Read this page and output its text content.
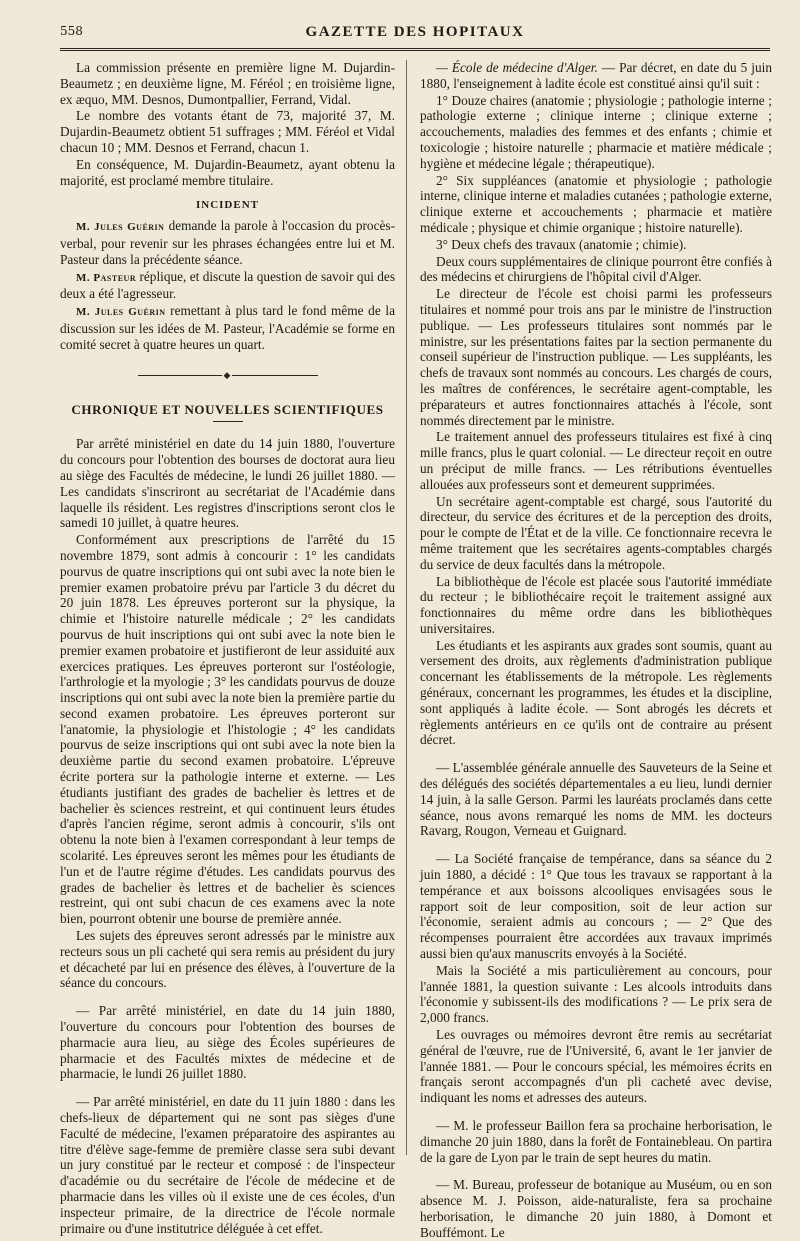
558	GAZETTE DES HOPITAUX

La commission présente en première ligne M. Dujardin-Beaumetz ; en deuxième ligne, M. Féréol ; en troisième ligne, ex æquo, MM. Desnos, Dumontpallier, Ferrand, Vidal.

Le nombre des votants étant de 73, majorité 37, M. Dujardin-Beaumetz obtient 51 suffrages ; MM. Féréol et Vidal chacun 10 ; MM. Desnos et Ferrand, chacun 1.

En conséquence, M. Dujardin-Beaumetz, ayant obtenu la majorité, est proclamé membre titulaire.

INCIDENT

M. Jules Guérin demande la parole à l'occasion du procès-verbal, pour revenir sur les phrases échangées entre lui et M. Pasteur dans la précédente séance.

M. Pasteur réplique, et discute la question de savoir qui des deux a été l'agresseur.

M. Jules Guérin remettant à plus tard le fond même de la discussion sur les idées de M. Pasteur, l'Académie se forme en comité secret à quatre heures un quart.

◆
CHRONIQUE ET NOUVELLES SCIENTIFIQUES

Par arrêté ministériel en date du 14 juin 1880, l'ouverture du concours pour l'obtention des bourses de doctorat aura lieu au siège des Facultés de médecine, le lundi 26 juillet 1880. — Les candidats s'inscriront au secrétariat de l'Académie dans laquelle ils résident. Les registres d'inscriptions seront clos le samedi 10 juillet, à quatre heures.

Conformément aux prescriptions de l'arrêté du 15 novembre 1879, sont admis à concourir : 1° les candidats pourvus de quatre inscriptions qui ont subi avec la note bien le premier examen probatoire prévu par l'article 3 du décret du 20 juin 1878. Les épreuves porteront sur la physique, la chimie et l'histoire naturelle médicale ; 2° les candidats pourvus de huit inscriptions qui ont subi avec la note bien le premier examen probatoire et justifieront de leur assiduité aux exercices pratiques. Les épreuves porteront sur l'ostéologie, l'arthrologie et la myologie ; 3° les candidats pourvus de douze inscriptions qui ont subi avec la note bien la première partie du second examen probatoire. Les épreuves porteront sur l'anatomie, la physiologie et l'histologie ; 4° les candidats pourvus de seize inscriptions qui ont subi avec la note bien la deuxième partie du second examen probatoire. L'épreuve écrite portera sur la pathologie interne et externe. — Les étudiants justifiant des grades de bachelier ès lettres et de bachelier ès sciences restreint, et qui continuent leurs études d'après l'ancien régime, seront admis à concourir, s'ils ont obtenu la note bien à l'examen correspondant à leur temps de scolarité. Les épreuves seront les mêmes pour les étudiants de l'un et de l'autre régime d'études. Les candidats pourvus des grades de bachelier ès lettres et de bachelier ès sciences restreint, qui ont subi chacun de ces examens avec la note bien, pourront obtenir une bourse de première année.

Les sujets des épreuves seront adressés par le ministre aux recteurs sous un pli cacheté qui sera remis au président du jury et décacheté par lui en présence des élèves, à l'ouverture de la séance du concours.

— Par arrêté ministériel, en date du 14 juin 1880, l'ouverture du concours pour l'obtention des bourses de pharmacie aura lieu, au siège des Écoles supérieures de pharmacie et des Facultés mixtes de médecine et de pharmacie, le lundi 26 juillet 1880.

— Par arrêté ministériel, en date du 11 juin 1880 : dans les chefs-lieux de département qui ne sont pas sièges d'une Faculté de médecine, l'examen préparatoire des aspirantes au titre d'élève sage-femme de première classe sera subi devant un jury constitué par le recteur et composé : de l'inspecteur d'académie ou du secrétaire de l'école de médecine et de pharmacie dans les villes où il existe une de ces écoles, d'un inspecteur primaire, de la directrice de l'école normale primaire ou d'une institutrice déléguée à cet effet.

— École de médecine d'Alger. — Par décret, en date du 5 juin 1880, l'enseignement à ladite école est constitué ainsi qu'il suit :

1° Douze chaires (anatomie ; physiologie ; pathologie interne ; pathologie externe ; clinique interne ; clinique externe ; accouchements, maladies des femmes et des enfants ; chimie et toxicologie ; histoire naturelle ; pharmacie et matière médicale ; hygiène et médecine légale ; thérapeutique).

2° Six suppléances (anatomie et physiologie ; pathologie interne, clinique interne et maladies cutanées ; pathologie externe, clinique externe et accouchements ; pharmacie et matière médicale ; physique et chimie organique ; histoire naturelle).

3° Deux chefs des travaux (anatomie ; chimie).

Deux cours supplémentaires de clinique pourront être confiés à des médecins et chirurgiens de l'hôpital civil d'Alger.

Le directeur de l'école est choisi parmi les professeurs titulaires et nommé pour trois ans par le ministre de l'instruction publique. — Les professeurs titulaires sont nommés par le ministre, sur les présentations faites par la section permanente du conseil supérieur de l'instruction publique. — Les suppléants, les chefs de travaux sont nommés au concours. Les chargés de cours, les maîtres de conférences, le secrétaire agent-comptable, les préparateurs et autres fonctionnaires attachés à l'école, sont nommés directement par le ministre.

Le traitement annuel des professeurs titulaires est fixé à cinq mille francs, plus le quart colonial. — Le directeur reçoit en outre un préciput de mille francs. — Les rétributions éventuelles allouées aux professeurs sont et demeurent supprimées.

Un secrétaire agent-comptable est chargé, sous l'autorité du directeur, du service des écritures et de la perception des droits, pour le compte de l'État et de la ville. Ce fonctionnaire recevra le même traitement que les secrétaires agents-comptables chargés du service de deux facultés dans la métropole.

La bibliothèque de l'école est placée sous l'autorité immédiate du recteur ; le bibliothécaire reçoit le traitement assigné aux fonctionnaires du même ordre dans les bibliothèques universitaires.

Les étudiants et les aspirants aux grades sont soumis, quant au versement des droits, aux règlements d'administration publique concernant les établissements de la métropole. Les règlements généraux, concernant les programmes, les études et la discipline, sont appliqués à ladite école. — Sont abrogés les décrets et règlements antérieurs en ce qu'ils ont de contraire au présent décret.

— L'assemblée générale annuelle des Sauveteurs de la Seine et des délégués des sociétés départementales a eu lieu, lundi dernier 14 juin, à la salle Gerson. Parmi les lauréats proclamés dans cette séance, nous avons remarqué les noms de MM. les docteurs Ravarg, Rougon, Verneau et Guignard.

— La Société française de tempérance, dans sa séance du 2 juin 1880, a décidé : 1° Que tous les travaux se rapportant à la tempérance et aux boissons alcooliques envisagées sous le rapport soit de leur composition, soit de leur action sur l'économie, seraient admis au concours ; — 2° Que des récompenses pourraient être accordées aux travaux imprimés aussi bien qu'aux manuscrits envoyés à la Société.

Mais la Société a mis particulièrement au concours, pour l'année 1881, la question suivante : Les alcools introduits dans l'économie y subissent-ils des modifications ? — Le prix sera de 2,000 francs.

Les ouvrages ou mémoires devront être remis au secrétariat général de l'œuvre, rue de l'Université, 6, avant le 1er janvier de l'année 1881. — Pour le concours spécial, les mémoires écrits en français seront accompagnés d'un pli cacheté avec devise, indiquant les noms et adresses des auteurs.

— M. le professeur Baillon fera sa prochaine herborisation, le dimanche 20 juin 1880, dans la forêt de Fontainebleau. On partira de la gare de Lyon par le train de sept heures du matin.

— M. Bureau, professeur de botanique au Muséum, ou en son absence M. J. Poisson, aide-naturaliste, fera sa prochaine herborisation, le dimanche 20 juin 1880, à Domont et Bouffémont. Le
